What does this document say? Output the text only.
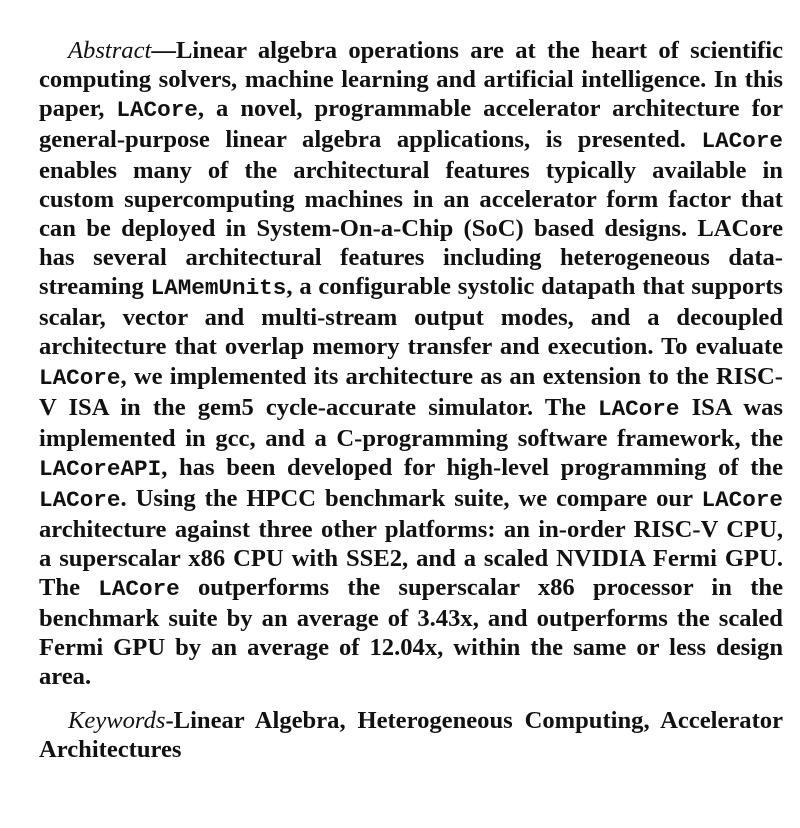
Abstract—Linear algebra operations are at the heart of scientific computing solvers, machine learning and artificial intelligence. In this paper, LACore, a novel, programmable accelerator architecture for general-purpose linear algebra applications, is presented. LACore enables many of the architectural features typically available in custom supercomputing machines in an accelerator form factor that can be deployed in System-On-a-Chip (SoC) based designs. LACore has several architectural features including heterogeneous data-streaming LAMemUnits, a configurable systolic datapath that supports scalar, vector and multi-stream output modes, and a decoupled architecture that overlap memory transfer and execution. To evaluate LACore, we implemented its architecture as an extension to the RISC-V ISA in the gem5 cycle-accurate simulator. The LACore ISA was implemented in gcc, and a C-programming software framework, the LACoreAPI, has been developed for high-level programming of the LACore. Using the HPCC benchmark suite, we compare our LACore architecture against three other platforms: an in-order RISC-V CPU, a superscalar x86 CPU with SSE2, and a scaled NVIDIA Fermi GPU. The LACore outperforms the superscalar x86 processor in the benchmark suite by an average of 3.43x, and outperforms the scaled Fermi GPU by an average of 12.04x, within the same or less design area.

Keywords-Linear Algebra, Heterogeneous Computing, Accelerator Architectures
